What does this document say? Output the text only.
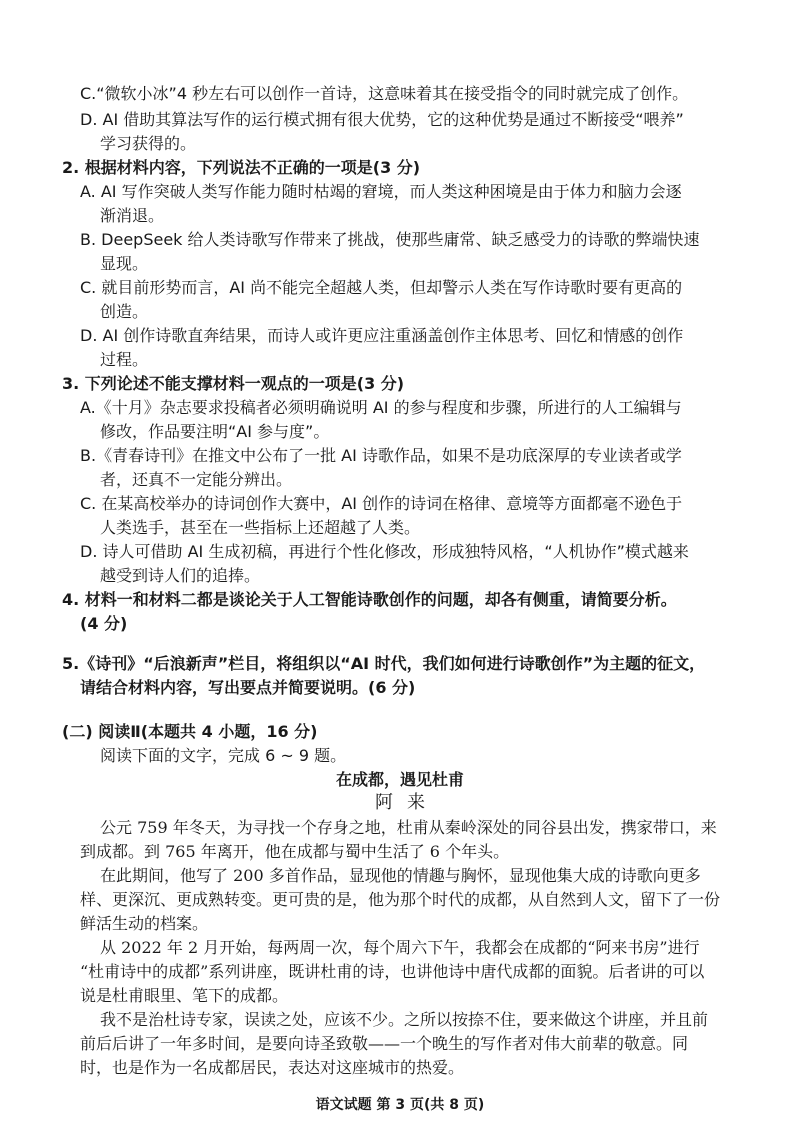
C.“微软小冰”4 秒左右可以创作一首诗，这意味着其在接受指令的同时就完成了创作。
D. AI 借助其算法写作的运行模式拥有很大优势，它的这种优势是通过不断接受“喂养”
学习获得的。
2. 根据材料内容，下列说法不正确的一项是(3 分)
A. AI 写作突破人类写作能力随时枯竭的窘境，而人类这种困境是由于体力和脑力会逐
渐消退。
B. DeepSeek 给人类诗歌写作带来了挑战，使那些庸常、缺乏感受力的诗歌的弊端快速
显现。
C. 就目前形势而言，AI 尚不能完全超越人类，但却警示人类在写作诗歌时要有更高的
创造。
D. AI 创作诗歌直奔结果，而诗人或许更应注重涵盖创作主体思考、回忆和情感的创作
过程。
3. 下列论述不能支撑材料一观点的一项是(3 分)
A.《十月》杂志要求投稿者必须明确说明 AI 的参与程度和步骤，所进行的人工编辑与
修改，作品要注明“AI 参与度”。
B.《青春诗刊》在推文中公布了一批 AI 诗歌作品，如果不是功底深厚的专业读者或学
者，还真不一定能分辨出。
C. 在某高校举办的诗词创作大赛中，AI 创作的诗词在格律、意境等方面都毫不逊色于
人类选手，甚至在一些指标上还超越了人类。
D. 诗人可借助 AI 生成初稿，再进行个性化修改，形成独特风格，“人机协作”模式越来
越受到诗人们的追捧。
4. 材料一和材料二都是谈论关于人工智能诗歌创作的问题，却各有侧重，请简要分析。
(4 分)
5.《诗刊》“后浪新声”栏目，将组织以“AI 时代，我们如何进行诗歌创作”为主题的征文，
请结合材料内容，写出要点并简要说明。(6 分)
(二) 阅读Ⅱ(本题共 4 小题，16 分)
阅读下面的文字，完成 6 ~ 9 题。
在成都，遇见杜甫
阿来
公元 759 年冬天，为寻找一个存身之地，杜甫从秦岭深处的同谷县出发，携家带口，来
到成都。到 765 年离开，他在成都与蜀中生活了 6 个年头。
在此期间，他写了 200 多首作品，显现他的情趣与胸怀，显现他集大成的诗歌向更多
样、更深沉、更成熟转变。更可贵的是，他为那个时代的成都，从自然到人文，留下了一份
鲜活生动的档案。
从 2022 年 2 月开始，每两周一次，每个周六下午，我都会在成都的“阿来书房”进行
“杜甫诗中的成都”系列讲座，既讲杜甫的诗，也讲他诗中唐代成都的面貌。后者讲的可以
说是杜甫眼里、笔下的成都。
我不是治杜诗专家，误读之处，应该不少。之所以按捺不住，要来做这个讲座，并且前
前后后讲了一年多时间，是要向诗圣致敬——一个晚生的写作者对伟大前辈的敬意。同
时，也是作为一名成都居民，表达对这座城市的热爱。
语文试题 第 3 页(共 8 页)
